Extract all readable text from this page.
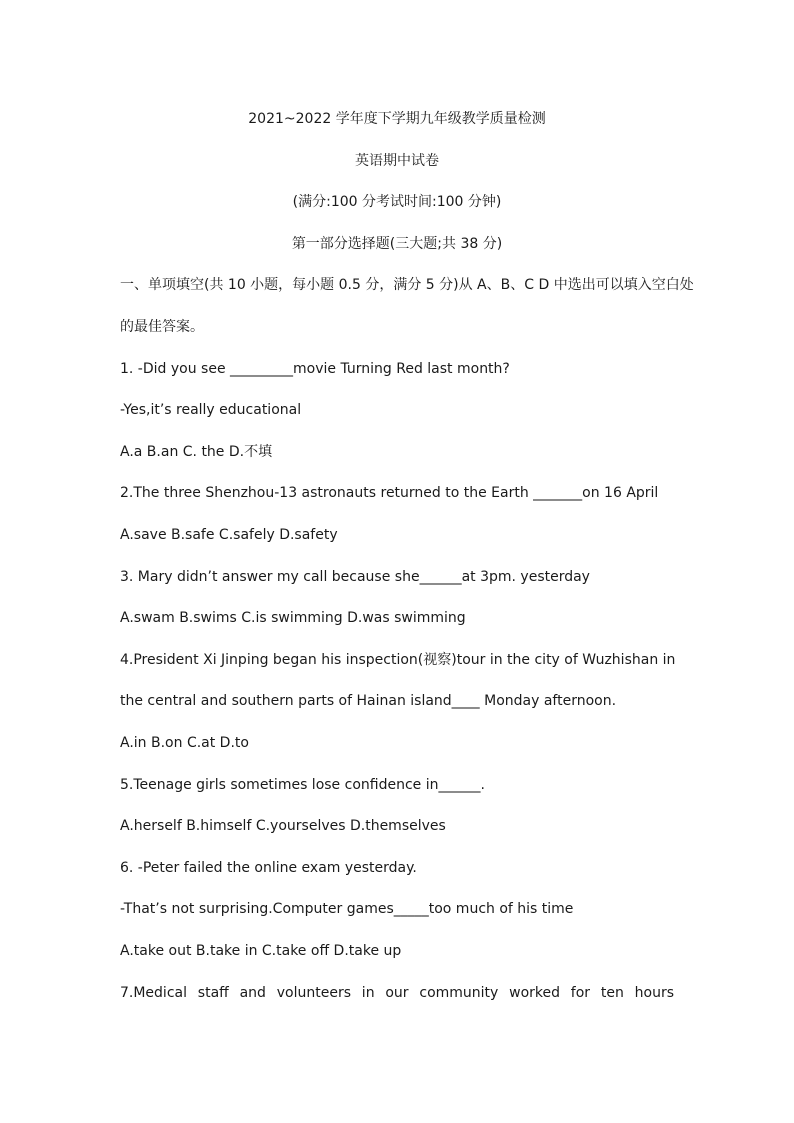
2021~2022 学年度下学期九年级教学质量检测
英语期中试卷
(满分:100 分考试时间:100 分钟)
第一部分选择题(三大题;共 38 分)
一、单项填空(共 10 小题，每小题 0.5 分，满分 5 分)从 A、B、C D 中选出可以填入空白处
的最佳答案。
1. -Did you see _________movie Turning Red last month?
-Yes,it’s really educational
A.a B.an C. the D.不填
2.The three Shenzhou-13 astronauts returned to the Earth _______on 16 April
A.save B.safe C.safely D.safety
3. Mary didn’t answer my call because she______at 3pm. yesterday
A.swam B.swims C.is swimming D.was swimming
4.President Xi Jinping began his inspection(视察)tour in the city of Wuzhishan in
the central and southern parts of Hainan island____ Monday afternoon.
A.in B.on C.at D.to
5.Teenage girls sometimes lose confidence in______.
A.herself B.himself C.yourselves D.themselves
6. -Peter failed the online exam yesterday.
-That’s not surprising.Computer games_____too much of his time
A.take out B.take in C.take off D.take up
7.Medical staff and volunteers in our community worked for ten hours
